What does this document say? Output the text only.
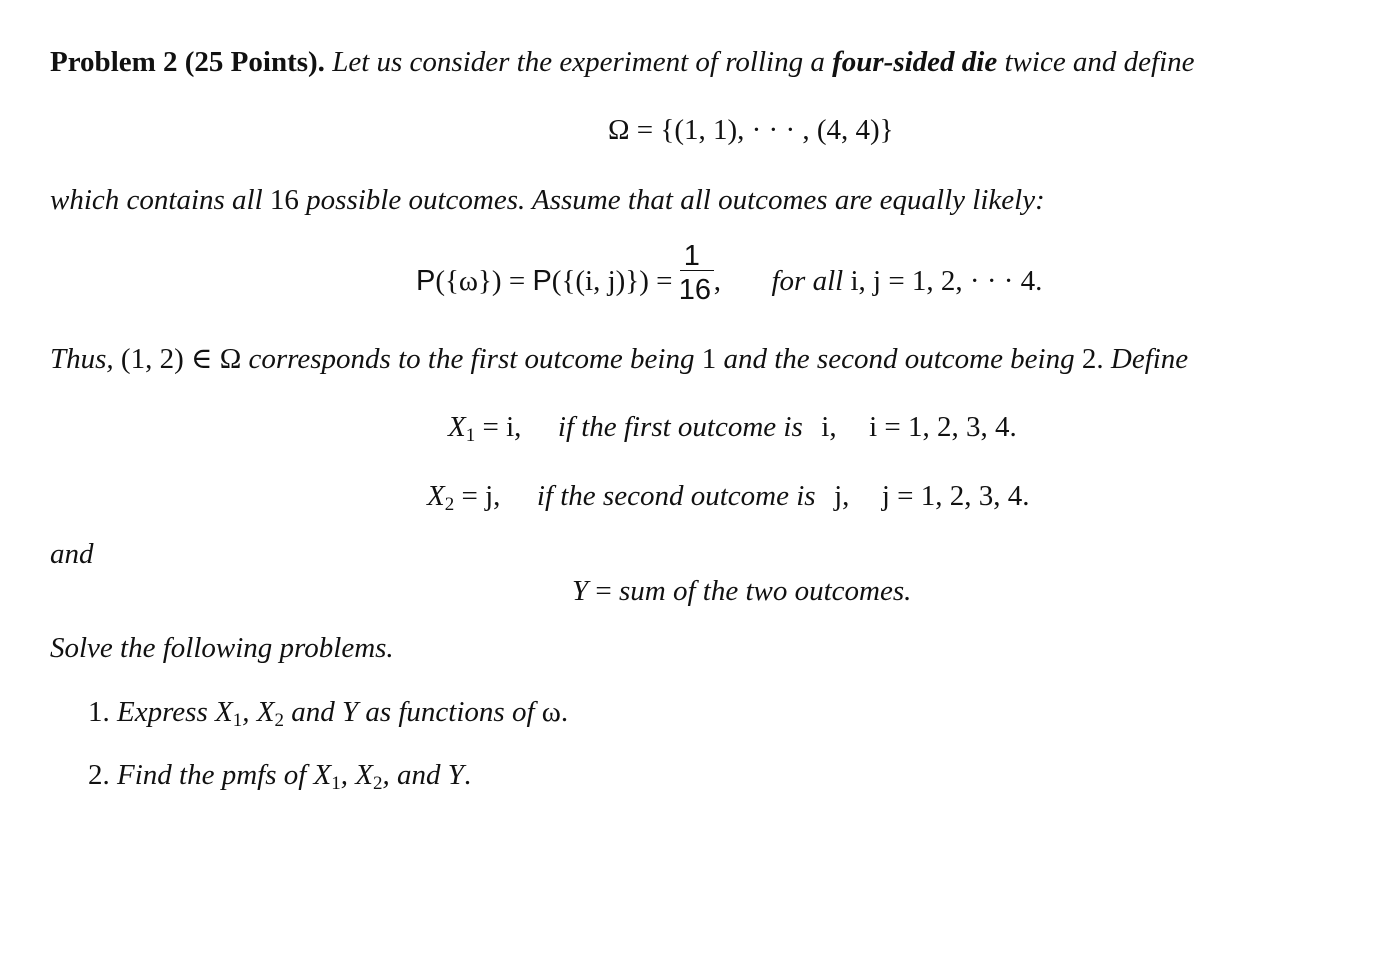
Problem 2 (25 Points). Let us consider the experiment of rolling a four-sided die twice and define
Ω = {(1, 1), · · · , (4, 4)}
which contains all 16 possible outcomes. Assume that all outcomes are equally likely:
P({ω}) = P({(i, $j)\}) = \frac{1}{16}$ , for all i, j = 1, 2, · · · 4.
Thus, (1, 2) ∈ Ω corresponds to the first outcome being 1 and the second outcome being 2. Define
$X_1 = i$, if the first outcome is i, i = 1, 2, 3, 4.
$X_2 = j$, if the second outcome is j, j = 1, 2, 3, 4.
and
Y = sum of the two outcomes.
Solve the following problems.
1. Express $X_1$, $X_2$ and Y as functions of ω.
2. Find the pmfs of $X_1$, $X_2$, and Y.
